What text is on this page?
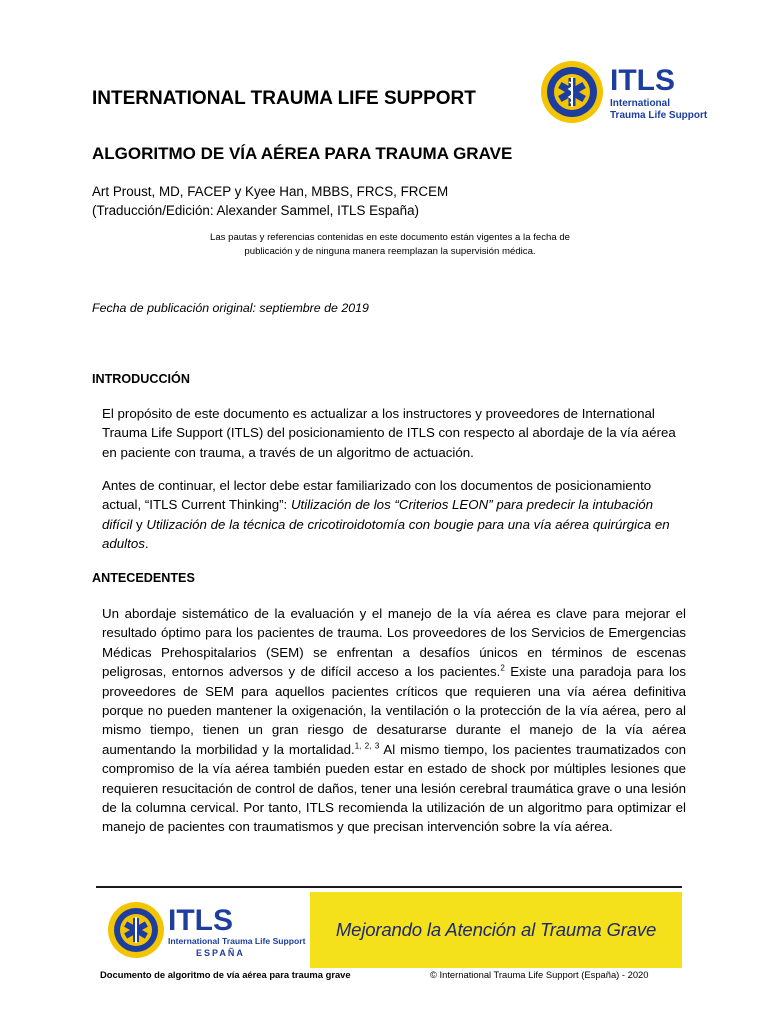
INTERNATIONAL TRAUMA LIFE SUPPORT
ITLS
International
Trauma Life Support
ALGORITMO DE VÍA AÉREA PARA TRAUMA GRAVE
Art Proust, MD, FACEP y Kyee Han, MBBS, FRCS, FRCEM
(Traducción/Edición: Alexander Sammel, ITLS España)
Las pautas y referencias contenidas en este documento están vigentes a la fecha de
publicación y de ninguna manera reemplazan la supervisión médica.
Fecha de publicación original: septiembre de 2019
INTRODUCCIÓN
El propósito de este documento es actualizar a los instructores y proveedores de International Trauma Life Support (ITLS) del posicionamiento de ITLS con respecto al abordaje de la vía aérea en paciente con trauma, a través de un algoritmo de actuación.
Antes de continuar, el lector debe estar familiarizado con los documentos de posicionamiento actual, “ITLS Current Thinking”: Utilización de los “Criterios LEON” para predecir la intubación difícil y Utilización de la técnica de cricotiroidotomía con bougie para una vía aérea quirúrgica en adultos.
ANTECEDENTES
Un abordaje sistemático de la evaluación y el manejo de la vía aérea es clave para mejorar el resultado óptimo para los pacientes de trauma. Los proveedores de los Servicios de Emergencias Médicas Prehospitalarios (SEM) se enfrentan a desafíos únicos en términos de escenas peligrosas, entornos adversos y de difícil acceso a los pacientes.$^2$ Existe una paradoja para los proveedores de SEM para aquellos pacientes críticos que requieren una vía aérea definitiva porque no pueden mantener la oxigenación, la ventilación o la protección de la vía aérea, pero al mismo tiempo, tienen un gran riesgo de desaturarse durante el manejo de la vía aérea aumentando la morbilidad y la mortalidad.$^{1, 2, 3}$ Al mismo tiempo, los pacientes traumatizados con compromiso de la vía aérea también pueden estar en estado de shock por múltiples lesiones que requieren resucitación de control de daños, tener una lesión cerebral traumática grave o una lesión de la columna cervical. Por tanto, ITLS recomienda la utilización de un algoritmo para optimizar el manejo de pacientes con traumatismos y que precisan intervención sobre la vía aérea.
ITLS
International Trauma Life Support
ESPAÑA
Mejorando la Atención al Trauma Grave
Documento de algoritmo de vía aérea para trauma grave	© International Trauma Life Support (España) - 2020
